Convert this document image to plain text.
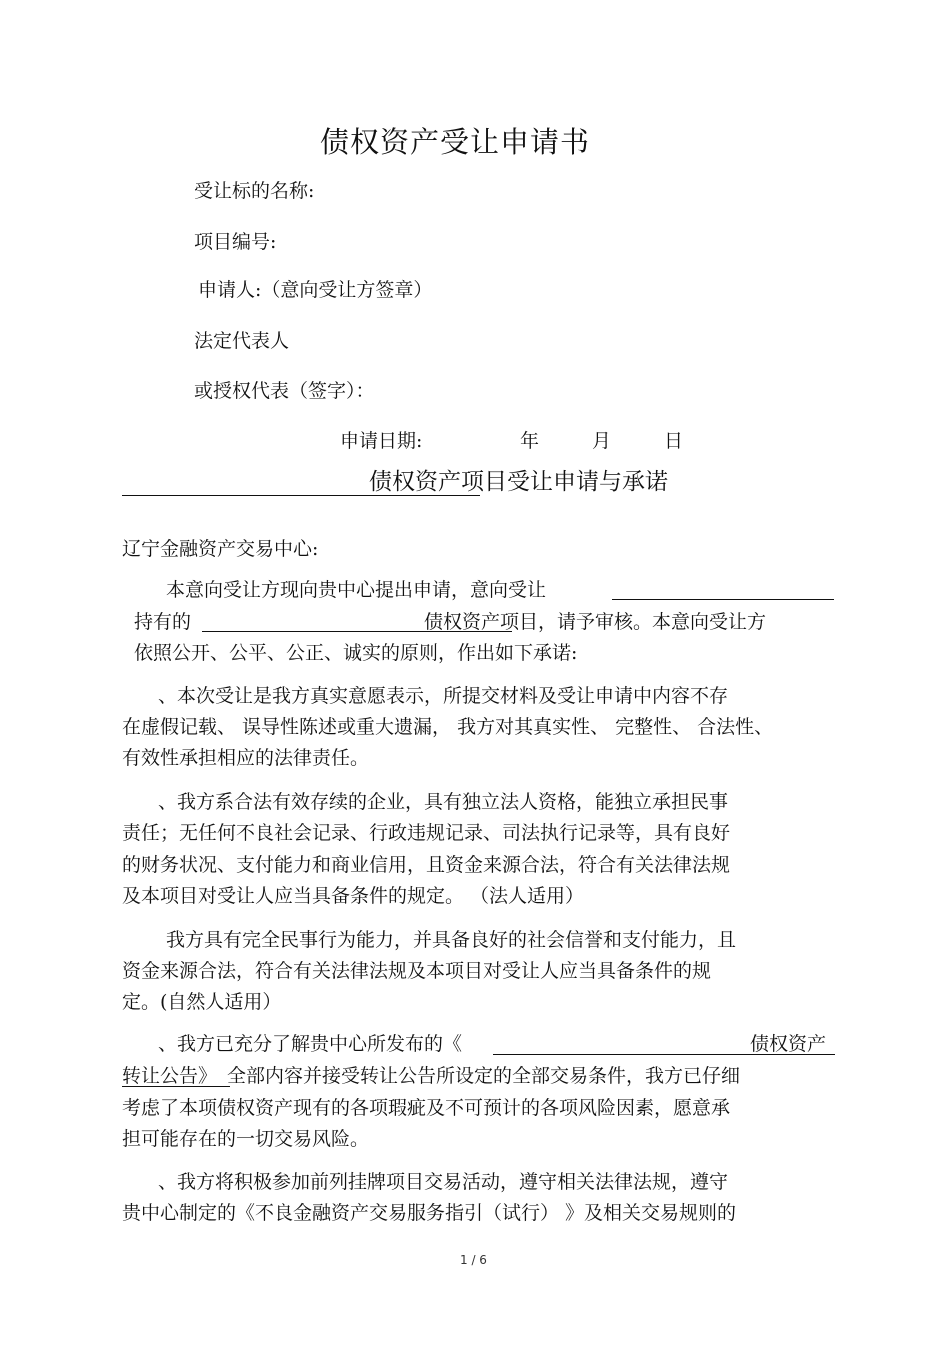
债权资产受让申请书
受让标的名称:
项目编号:
申请人:（意向受让方签章）
法定代表人
或授权代表（签字）：
申请日期:	年	月	日
债权资产项目受让申请与承诺
辽宁金融资产交易中心:
本意向受让方现向贵中心提出申请，意向受让
持有的	债权资产项目，请予审核。本意向受让方
依照公开、公平、公正、诚实的原则，作出如下承诺:
、本次受让是我方真实意愿表示，所提交材料及受让申请中内容不存
在虚假记载、 误导性陈述或重大遗漏， 我方对其真实性、 完整性、 合法性、
有效性承担相应的法律责任。
、我方系合法有效存续的企业，具有独立法人资格，能独立承担民事
责任；无任何不良社会记录、行政违规记录、司法执行记录等，具有良好
的财务状况、支付能力和商业信用，且资金来源合法，符合有关法律法规
及本项目对受让人应当具备条件的规定。 （法人适用）
我方具有完全民事行为能力，并具备良好的社会信誉和支付能力，且
资金来源合法，符合有关法律法规及本项目对受让人应当具备条件的规
定。(自然人适用）
、我方已充分了解贵中心所发布的《	债权资产
转让公告》 全部内容并接受转让公告所设定的全部交易条件，我方已仔细
考虑了本项债权资产现有的各项瑕疵及不可预计的各项风险因素，愿意承
担可能存在的一切交易风险。
、我方将积极参加前列挂牌项目交易活动，遵守相关法律法规，遵守
贵中心制定的《不良金融资产交易服务指引（试行） 》及相关交易规则的
1 / 6
